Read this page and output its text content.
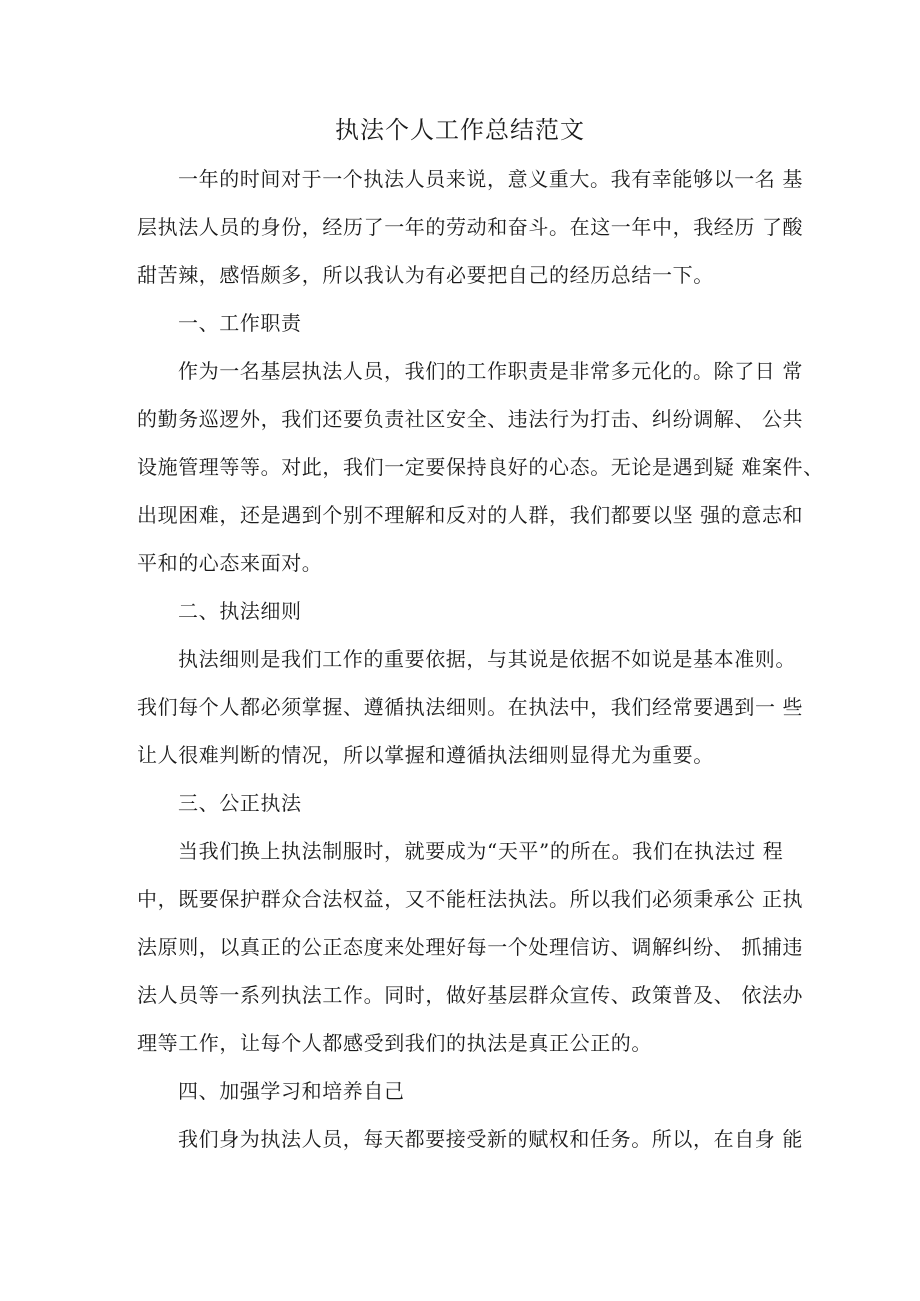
执法个人工作总结范文
一年的时间对于一个执法人员来说，意义重大。我有幸能够以一名 基
层执法人员的身份，经历了一年的劳动和奋斗。在这一年中，我经历 了酸
甜苦辣，感悟颇多，所以我认为有必要把自己的经历总结一下。
一、工作职责
作为一名基层执法人员，我们的工作职责是非常多元化的。除了日 常
的勤务巡逻外，我们还要负责社区安全、违法行为打击、纠纷调解、 公共
设施管理等等。对此，我们一定要保持良好的心态。无论是遇到疑 难案件、
出现困难，还是遇到个别不理解和反对的人群，我们都要以坚 强的意志和
平和的心态来面对。
二、执法细则
执法细则是我们工作的重要依据，与其说是依据不如说是基本准则。
我们每个人都必须掌握、遵循执法细则。在执法中，我们经常要遇到一 些
让人很难判断的情况，所以掌握和遵循执法细则显得尤为重要。
三、公正执法
当我们换上执法制服时，就要成为“天平”的所在。我们在执法过 程
中，既要保护群众合法权益，又不能枉法执法。所以我们必须秉承公 正执
法原则，以真正的公正态度来处理好每一个处理信访、调解纠纷、 抓捕违
法人员等一系列执法工作。同时，做好基层群众宣传、政策普及、 依法办
理等工作，让每个人都感受到我们的执法是真正公正的。
四、加强学习和培养自己
我们身为执法人员，每天都要接受新的赋权和任务。所以，在自身 能
